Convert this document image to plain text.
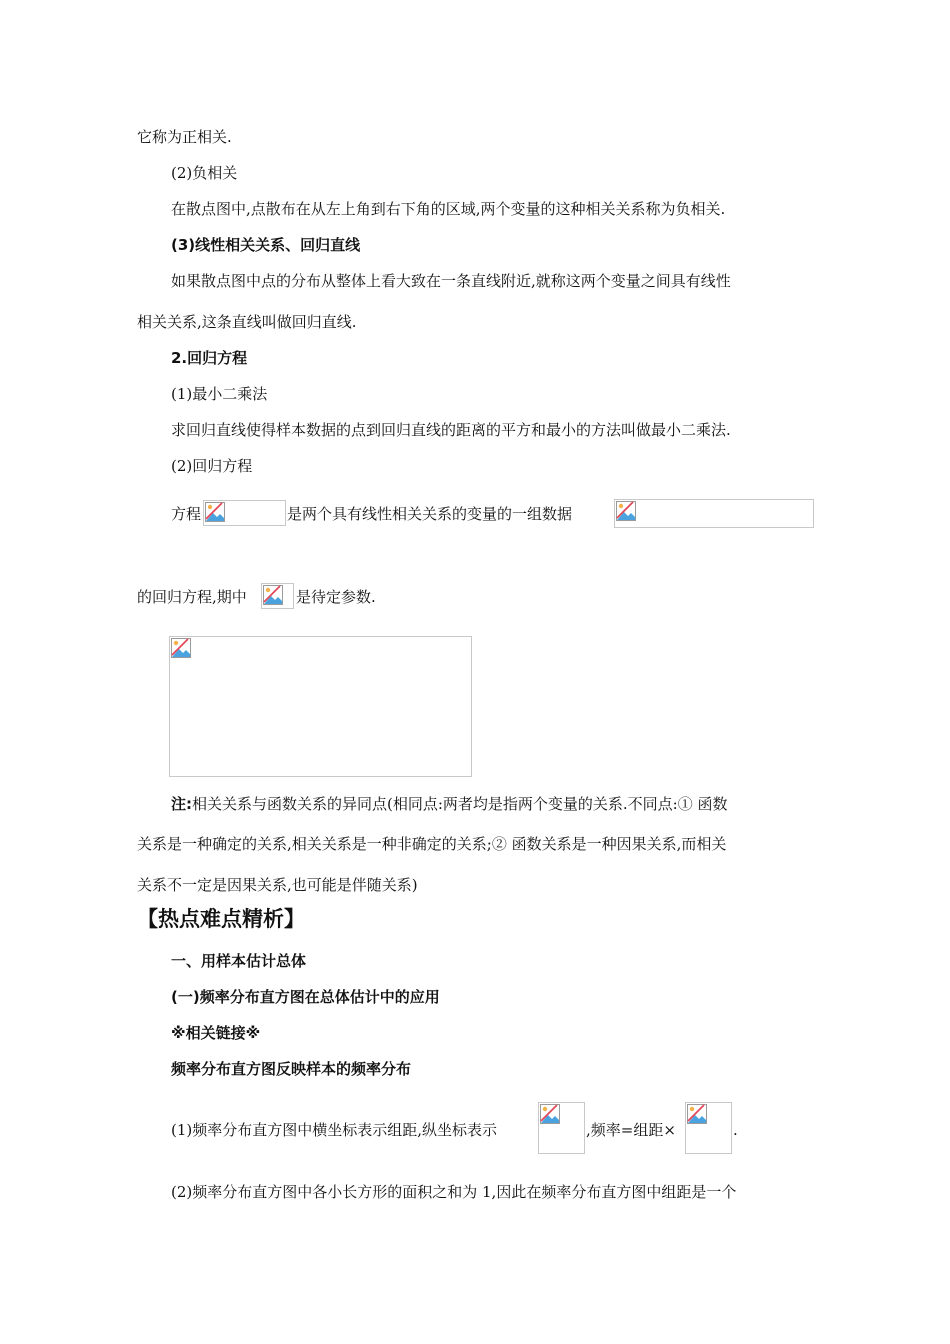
它称为正相关.
(2)负相关
在散点图中,点散布在从左上角到右下角的区域,两个变量的这种相关关系称为负相关.
(3)线性相关关系、回归直线
如果散点图中点的分布从整体上看大致在一条直线附近,就称这两个变量之间具有线性
相关关系,这条直线叫做回归直线.
2.回归方程
(1)最小二乘法
求回归直线使得样本数据的点到回归直线的距离的平方和最小的方法叫做最小二乘法.
(2)回归方程
方程	是两个具有线性相关关系的变量的一组数据
的回归方程,期中	是待定参数.
注:相关关系与函数关系的异同点(相同点:两者均是指两个变量的关系.不同点:① 函数
关系是一种确定的关系,相关关系是一种非确定的关系;② 函数关系是一种因果关系,而相关
关系不一定是因果关系,也可能是伴随关系)
【热点难点精析】
一、用样本估计总体
(一)频率分布直方图在总体估计中的应用
※相关链接※
频率分布直方图反映样本的频率分布
(1)频率分布直方图中横坐标表示组距,纵坐标表示	,频率=组距×	.
(2)频率分布直方图中各小长方形的面积之和为 1,因此在频率分布直方图中组距是一个
